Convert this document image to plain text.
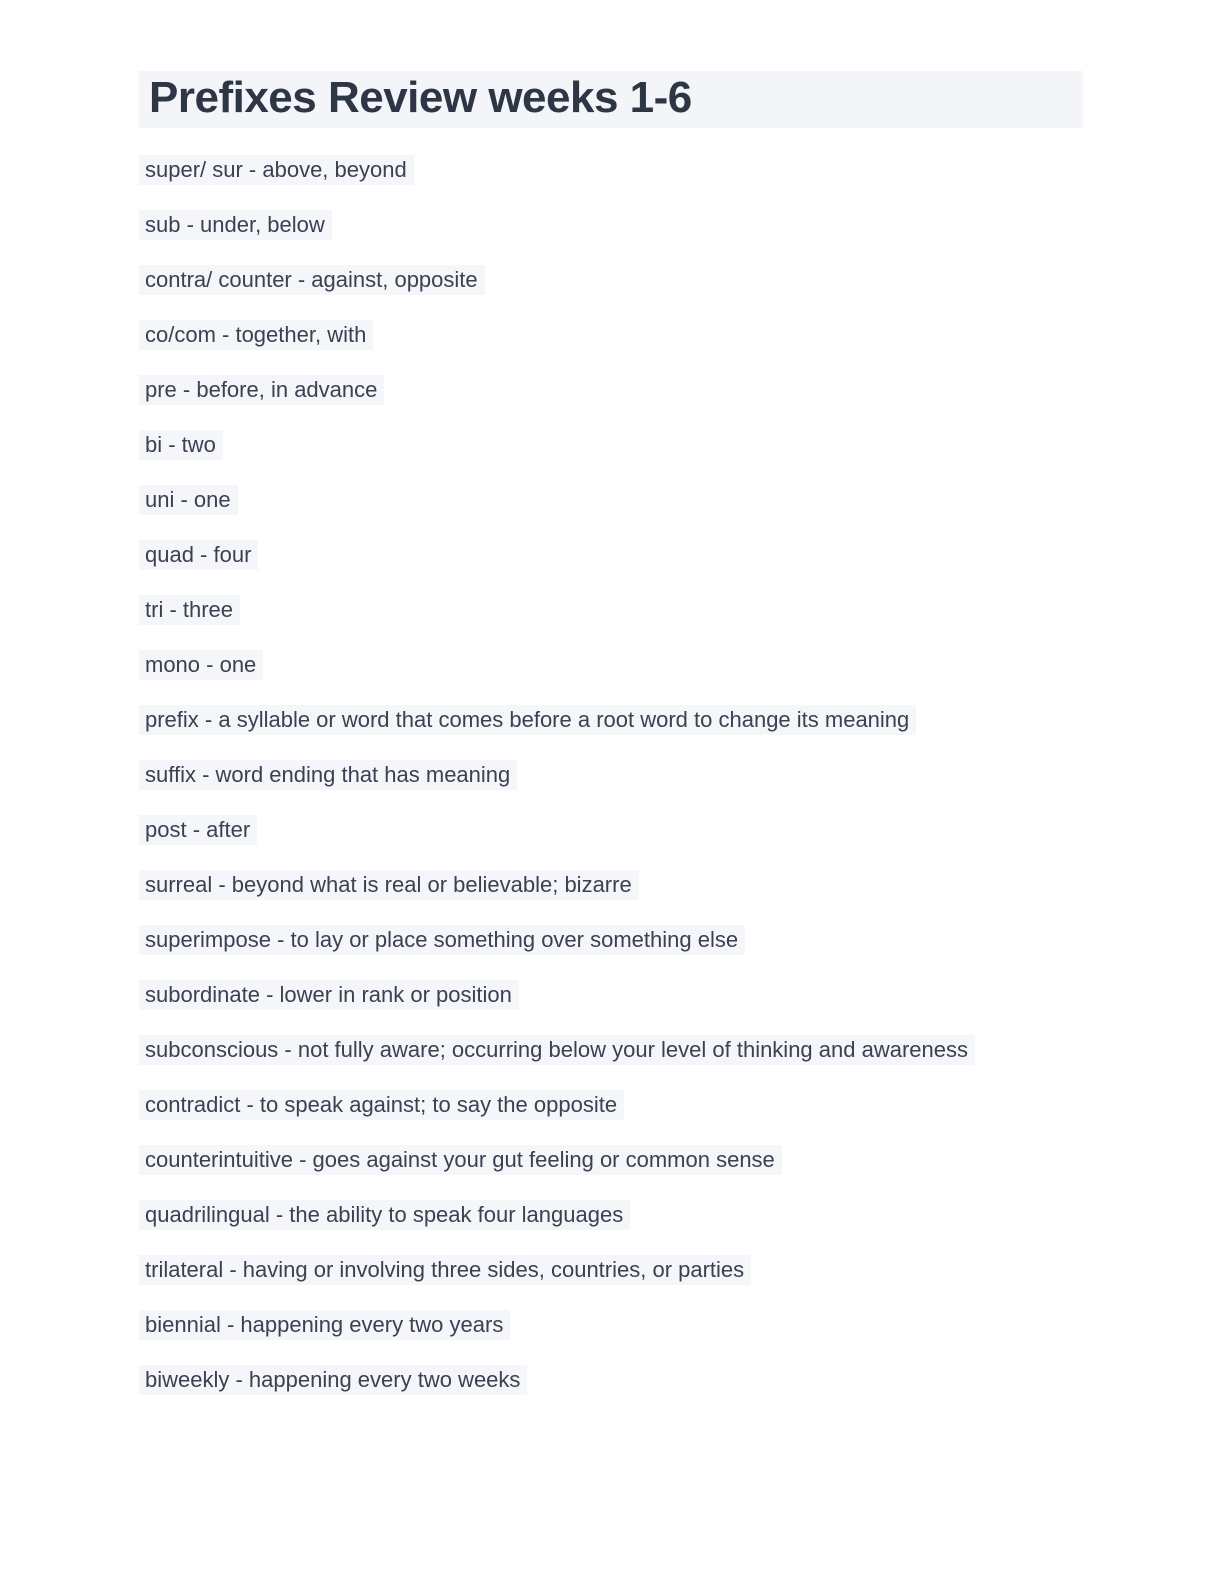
Prefixes Review weeks 1-6

super/ sur - above, beyond

sub - under, below

contra/ counter - against, opposite

co/com - together, with

pre - before, in advance

bi - two

uni - one

quad - four

tri - three

mono - one

prefix - a syllable or word that comes before a root word to change its meaning

suffix - word ending that has meaning

post - after

surreal - beyond what is real or believable; bizarre

superimpose - to lay or place something over something else

subordinate - lower in rank or position

subconscious - not fully aware; occurring below your level of thinking and awareness

contradict - to speak against; to say the opposite

counterintuitive - goes against your gut feeling or common sense

quadrilingual - the ability to speak four languages

trilateral - having or involving three sides, countries, or parties

biennial - happening every two years

biweekly - happening every two weeks
